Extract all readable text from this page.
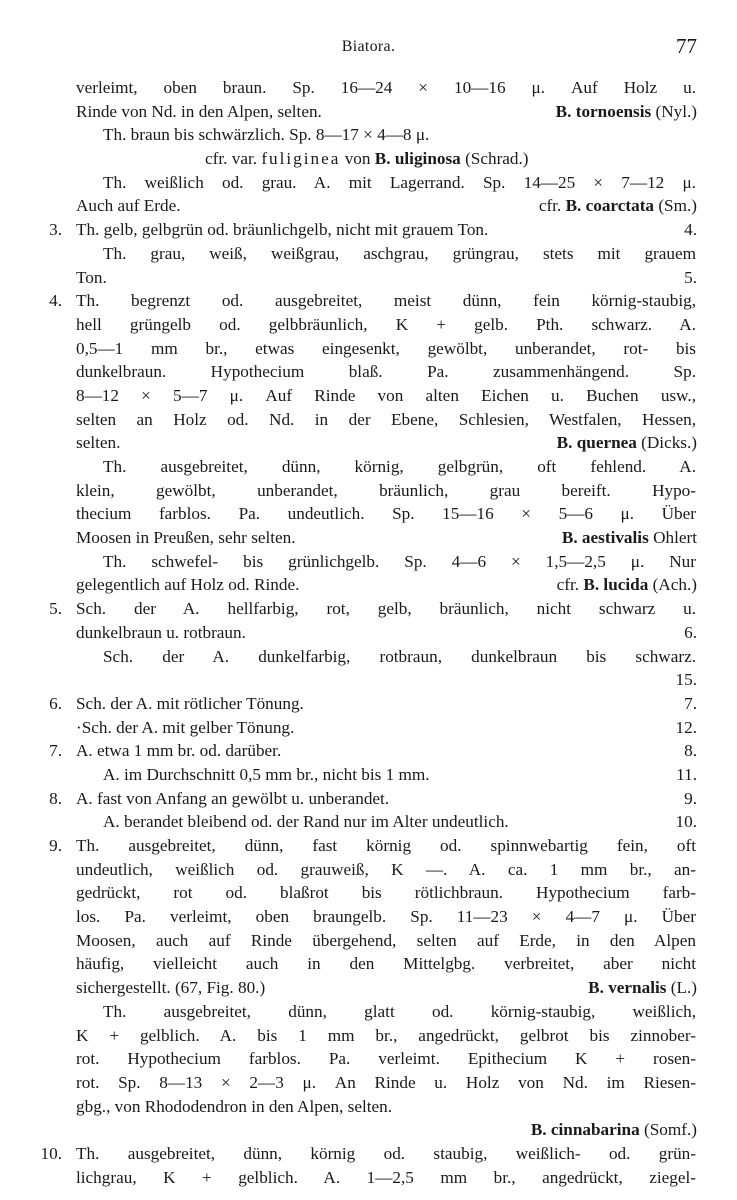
Biatora.	77
verleimt, oben braun. Sp. 16—24 × 10—16 μ. Auf Holz u.
Rinde von Nd. in den Alpen, selten.	B. tornoensis (Nyl.)
Th. braun bis schwärzlich. Sp. 8—17 × 4—8 μ.
cfr. var. fuliginea von B. uliginosa (Schrad.)
Th. weißlich od. grau. A. mit Lagerrand. Sp. 14—25 × 7—12 μ.
Auch auf Erde.	cfr. B. coarctata (Sm.)
3. Th. gelb, gelbgrün od. bräunlichgelb, nicht mit grauem Ton.	4.
Th. grau, weiß, weißgrau, aschgrau, grüngrau, stets mit grauem
Ton.	5.
4. Th. begrenzt od. ausgebreitet, meist dünn, fein körnig-staubig,
hell grüngelb od. gelbbräunlich, K + gelb. Pth. schwarz. A.
0,5—1 mm br., etwas eingesenkt, gewölbt, unberandet, rot- bis
dunkelbraun. Hypothecium blaß. Pa. zusammenhängend. Sp.
8—12 × 5—7 μ. Auf Rinde von alten Eichen u. Buchen usw.,
selten an Holz od. Nd. in der Ebene, Schlesien, Westfalen, Hessen,
selten.	B. quernea (Dicks.)
Th. ausgebreitet, dünn, körnig, gelbgrün, oft fehlend. A.
klein, gewölbt, unberandet, bräunlich, grau bereift. Hypo-
thecium farblos. Pa. undeutlich. Sp. 15—16 × 5—6 μ. Über
Moosen in Preußen, sehr selten.	B. aestivalis Ohlert
Th. schwefel- bis grünlichgelb. Sp. 4—6 × 1,5—2,5 μ. Nur
gelegentlich auf Holz od. Rinde.	cfr. B. lucida (Ach.)
5. Sch. der A. hellfarbig, rot, gelb, bräunlich, nicht schwarz u.
dunkelbraun u. rotbraun.	6.
Sch. der A. dunkelfarbig, rotbraun, dunkelbraun bis schwarz.
15.
6. Sch. der A. mit rötlicher Tönung.	7.
·Sch. der A. mit gelber Tönung.	12.
7. A. etwa 1 mm br. od. darüber.	8.
A. im Durchschnitt 0,5 mm br., nicht bis 1 mm.	11.
8. A. fast von Anfang an gewölbt u. unberandet.	9.
A. berandet bleibend od. der Rand nur im Alter undeutlich.	10.
9. Th. ausgebreitet, dünn, fast körnig od. spinnwebartig fein, oft
undeutlich, weißlich od. grauweiß, K —. A. ca. 1 mm br., an-
gedrückt, rot od. blaßrot bis rötlichbraun. Hypothecium farb-
los. Pa. verleimt, oben braungelb. Sp. 11—23 × 4—7 μ. Über
Moosen, auch auf Rinde übergehend, selten auf Erde, in den Alpen
häufig, vielleicht auch in den Mittelgbg. verbreitet, aber nicht
sichergestellt. (67, Fig. 80.)	B. vernalis (L.)
Th. ausgebreitet, dünn, glatt od. körnig-staubig, weißlich,
K + gelblich. A. bis 1 mm br., angedrückt, gelbrot bis zinnober-
rot. Hypothecium farblos. Pa. verleimt. Epithecium K + rosen-
rot. Sp. 8—13 × 2—3 μ. An Rinde u. Holz von Nd. im Riesen-
gbg., von Rhododendron in den Alpen, selten.
B. cinnabarina (Somf.)
10. Th. ausgebreitet, dünn, körnig od. staubig, weißlich- od. grün-
lichgrau, K + gelblich. A. 1—2,5 mm br., angedrückt, ziegel-
